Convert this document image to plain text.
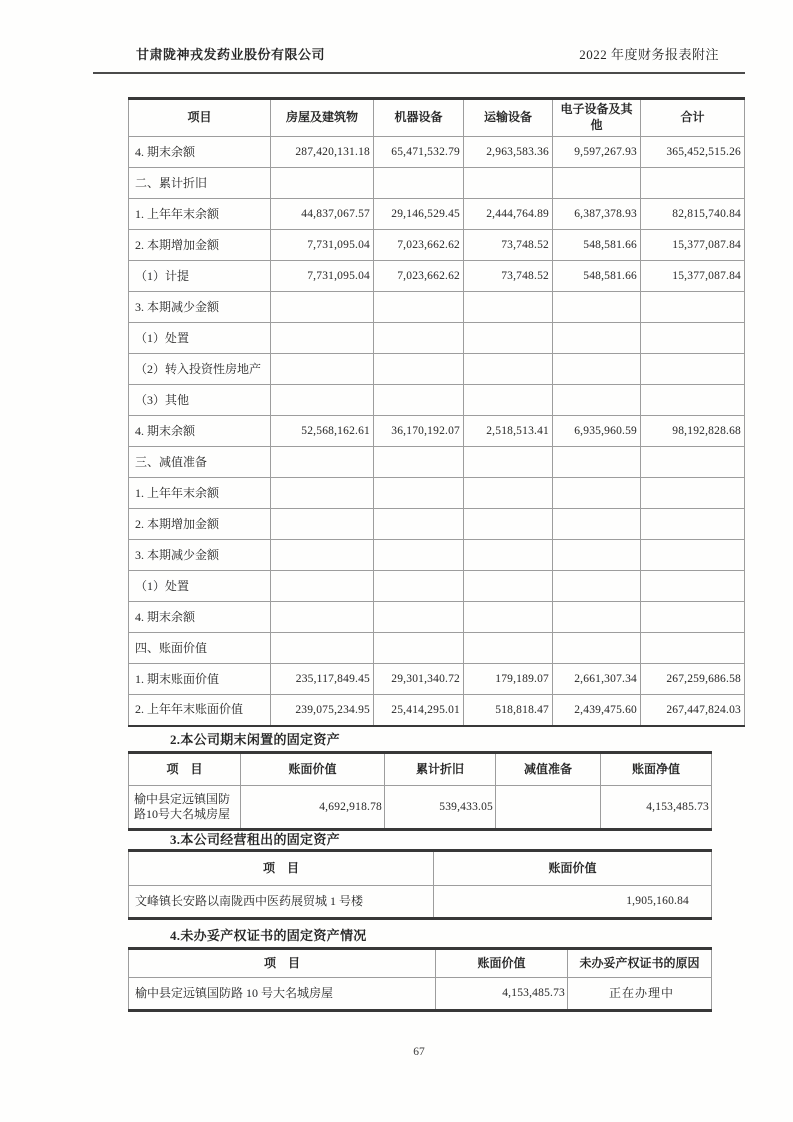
甘肃陇神戎发药业股份有限公司	2022 年度财务报表附注
项目	房屋及建筑物	机器设备	运输设备	电子设备及其他	合计
4. 期末余额	287,420,131.18	65,471,532.79	2,963,583.36	9,597,267.93	365,452,515.26
二、累计折旧					
1. 上年年末余额	44,837,067.57	29,146,529.45	2,444,764.89	6,387,378.93	82,815,740.84
2. 本期增加金额	7,731,095.04	7,023,662.62	73,748.52	548,581.66	15,377,087.84
（1）计提	7,731,095.04	7,023,662.62	73,748.52	548,581.66	15,377,087.84
3. 本期减少金额					
（1）处置					
（2）转入投资性房地产					
（3）其他					
4. 期末余额	52,568,162.61	36,170,192.07	2,518,513.41	6,935,960.59	98,192,828.68
三、减值准备					
1. 上年年末余额					
2. 本期增加金额					
3. 本期减少金额					
（1）处置					
4. 期末余额					
四、账面价值					
1. 期末账面价值	235,117,849.45	29,301,340.72	179,189.07	2,661,307.34	267,259,686.58
2. 上年年末账面价值	239,075,234.95	25,414,295.01	518,818.47	2,439,475.60	267,447,824.03
2.本公司期末闲置的固定资产
项　目	账面价值	累计折旧	减值准备	账面净值
榆中县定远镇国防路10号大名城房屋	4,692,918.78	539,433.05		4,153,485.73
3.本公司经营租出的固定资产
项　目	账面价值
文峰镇长安路以南陇西中医药展贸城 1 号楼	1,905,160.84
4.未办妥产权证书的固定资产情况
项　目	账面价值	未办妥产权证书的原因
榆中县定远镇国防路 10 号大名城房屋	4,153,485.73	正在办理中
67
